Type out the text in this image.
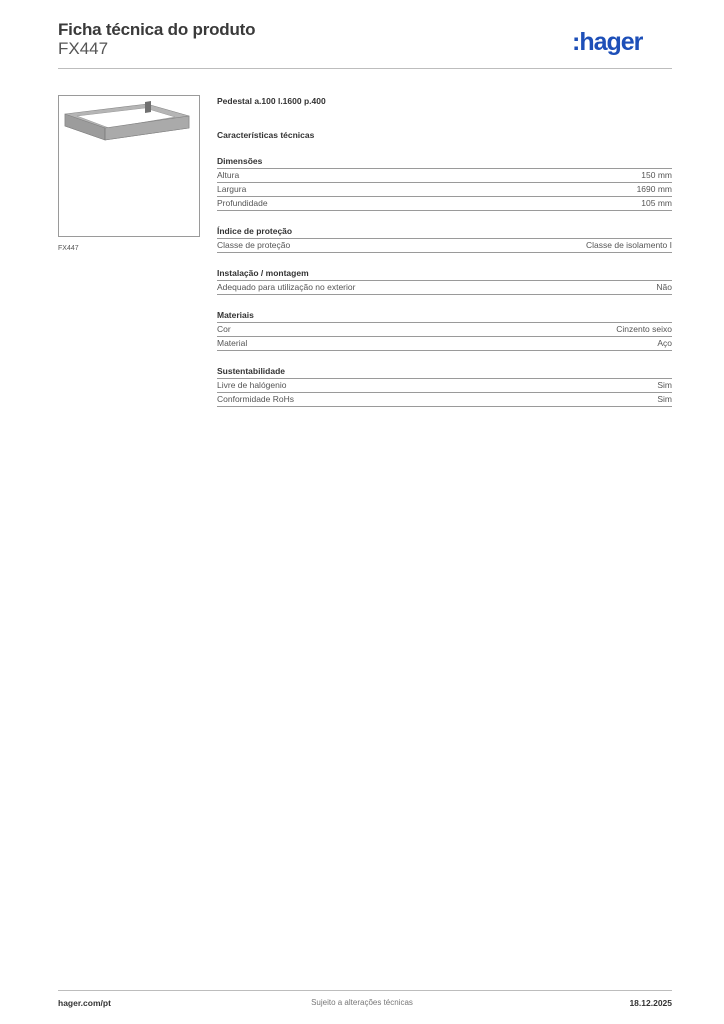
Ficha técnica do produto
FX447	:hager
FX447
Pedestal a.100 l.1600 p.400
Características técnicas
Dimensões
Altura	150 mm
Largura	1690 mm
Profundidade	105 mm
Índice de proteção
Classe de proteção	Classe de isolamento I
Instalação / montagem
Adequado para utilização no exterior	Não
Materiais
Cor	Cinzento seixo
Material	Aço
Sustentabilidade
Livre de halógenio	Sim
Conformidade RoHs	Sim
hager.com/pt	Sujeito a alterações técnicas	18.12.2025
